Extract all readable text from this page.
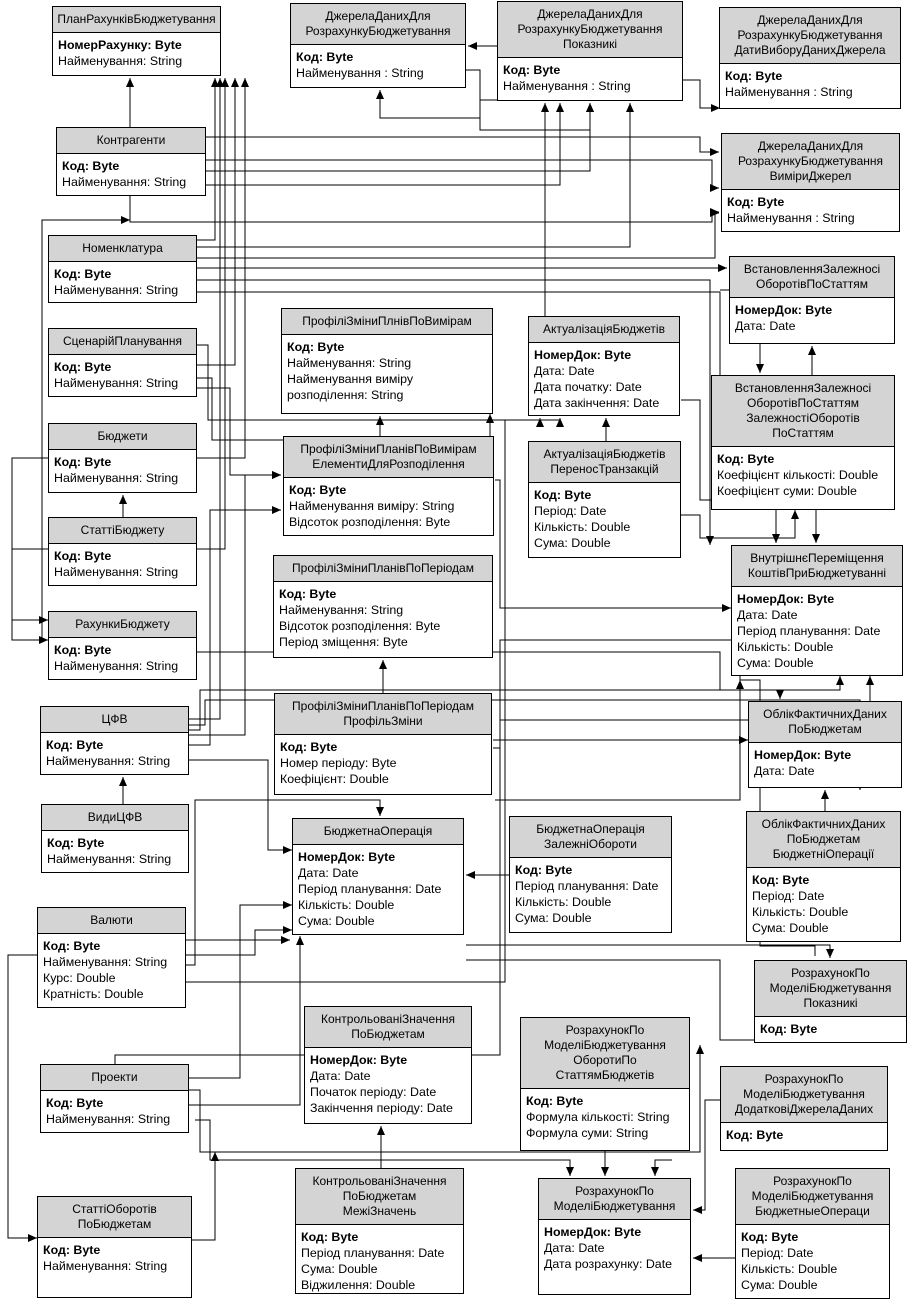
ПланРахунківБюджетування
НомерРахунку: Byte
Найменування: String
ДжерелаДанихДля
РозрахункуБюджетування
Код: Byte
Найменування : String
ДжерелаДанихДля
РозрахункуБюджетування
Показникі
Код: Byte
Найменування : String
ДжерелаДанихДля
РозрахункуБюджетування
ДатиВиборуДанихДжерела
Код: Byte
Найменування : String
Контрагенти
Код: Byte
Найменування: String
ДжерелаДанихДля
РозрахункуБюджетування
ВиміриДжерел
Код: Byte
Найменування : String
Номенклатура
Код: Byte
Найменування: String
ВстановленняЗалежносі
ОборотівПоСтаттям
НомерДок: Byte
Дата: Date
ПрофіліЗміниПлнівПоВимірам
Код: Byte
Найменування: String
Найменування виміру
розподілення: String
АктуалізаціяБюджетів
НомерДок: Byte
Дата: Date
Дата початку: Date
Дата закінчення: Date
СценарійПланування
Код: Byte
Найменування: String	ВстановленняЗалежносі
ОборотівПоСтаттям
ЗалежностіОборотів
ПоСтаттям
Код: Byte
Коефіцієнт кількості: Double
Коефіцієнт суми: Double
Бюджети
Код: Byte
Найменування: String
ПрофіліЗміниПланівПоВимірам
ЕлементиДляРозподілення
Код: Byte
Найменування виміру: String
Відсоток розподілення: Byte
АктуалізаціяБюджетів
ПереносТранзакцій
Код: Byte
Період: Date
Кількість: Double
Сума: Double
СтаттіБюджету
Код: Byte
Найменування: String
ВнутрішнєПереміщення
КоштівПриБюджетуванні
НомерДок: Byte
Дата: Date
Період планування: Date
Кількість: Double
Сума: Double
ПрофіліЗміниПланівПоПеріодам
Код: Byte
Найменування: String
Відсоток розподілення: Byte
Період зміщення: Byte
РахункиБюджету
Код: Byte
Найменування: String
ПрофіліЗміниПланівПоПеріодам
ПрофільЗміни
Код: Byte
Номер періоду: Byte
Коефіцієнт: Double
ЦФВ
Код: Byte
Найменування: String
ОблікФактичнихДаних
ПоБюджетам
НомерДок: Byte
Дата: Date
ВидиЦФВ
Код: Byte
Найменування: String
БюджетнаОперація
НомерДок: Byte
Дата: Date
Період планування: Date
Кількість: Double
Сума: Double
БюджетнаОперація
ЗалежніОбороти
Код: Byte
Період планування: Date
Кількість: Double
Сума: Double
ОблікФактичнихДаних
ПоБюджетам
БюджетніОперації
Код: Byte
Період: Date
Кількість: Double
Сума: Double
Валюти
Код: Byte
Найменування: String
Курс: Double
Кратність: Double
РозрахунокПо
МоделіБюджетування
Показникі
Код: Byte
КонтрольованіЗначення
ПоБюджетам
НомерДок: Byte
Дата: Date
Початок періоду: Date
Закінчення періоду: Date
РозрахунокПо
МоделіБюджетування
ОборотиПо
СтаттямБюджетів
Код: Byte
Формула кількості: String
Формула суми: String
Проекти
Код: Byte
Найменування: String
РозрахунокПо
МоделіБюджетування
ДодатковіДжерелаДаних
Код: Byte
КонтрольованіЗначення
ПоБюджетам
МежіЗначень
Код: Byte
Період планування: Date
Сума: Double
Віджилення: Double
РозрахунокПо
МоделіБюджетування
БюджетныеОпераци
Код: Byte
Період: Date
Кількість: Double
Сума: Double
СтаттіОборотів
ПоБюджетам
Код: Byte
Найменування: String
РозрахунокПо
МоделіБюджетування
НомерДок: Byte
Дата: Date
Дата розрахунку: Date
